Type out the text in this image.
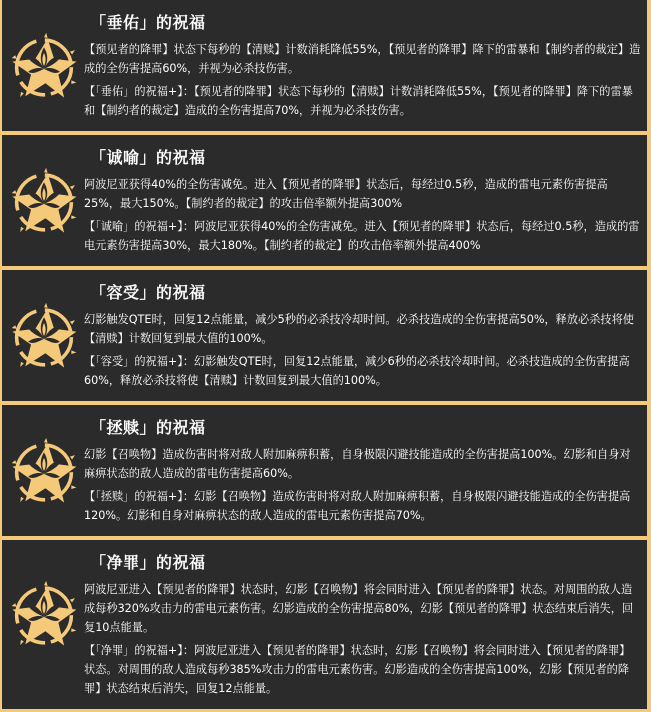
「垂佑」的祝福

【预见者的降罪】状态下每秒的【清赎】计数消耗降低55%，【预见者的降罪】降下的雷暴和【制约者的裁定】造成的全伤害提高60%，并视为必杀技伤害。

【「垂佑」的祝福+】：【预见者的降罪】状态下每秒的【清赎】计数消耗降低55%，【预见者的降罪】降下的雷暴和【制约者的裁定】造成的全伤害提高70%，并视为必杀技伤害。

「诚喻」的祝福

阿波尼亚获得40%的全伤害减免。进入【预见者的降罪】状态后，每经过0.5秒，造成的雷电元素伤害提高25%，最大150%。【制约者的裁定】的攻击倍率额外提高300%

【「诚喻」的祝福+】：阿波尼亚获得40%的全伤害减免。进入【预见者的降罪】状态后，每经过0.5秒，造成的雷电元素伤害提高30%，最大180%。【制约者的裁定】的攻击倍率额外提高400%

「容受」的祝福

幻影触发QTE时，回复12点能量，减少5秒的必杀技冷却时间。必杀技造成的全伤害提高50%，释放必杀技将使【清赎】计数回复到最大值的100%。

【「容受」的祝福+】：幻影触发QTE时，回复12点能量，减少6秒的必杀技冷却时间。必杀技造成的全伤害提高60%，释放必杀技将使【清赎】计数回复到最大值的100%。

「拯赎」的祝福

幻影【召唤物】造成伤害时将对敌人附加麻痹积蓄，自身极限闪避技能造成的全伤害提高100%。幻影和自身对麻痹状态的敌人造成的雷电伤害提高60%。

【「拯赎」的祝福+】：幻影【召唤物】造成伤害时将对敌人附加麻痹积蓄，自身极限闪避技能造成的全伤害提高120%。幻影和自身对麻痹状态的敌人造成的雷电元素伤害提高70%。

「净罪」的祝福

阿波尼亚进入【预见者的降罪】状态时，幻影【召唤物】将会同时进入【预见者的降罪】状态。对周围的敌人造成每秒320%攻击力的雷电元素伤害。幻影造成的全伤害提高80%，幻影【预见者的降罪】状态结束后消失，回复10点能量。

【「净罪」的祝福+】：阿波尼亚进入【预见者的降罪】状态时，幻影【召唤物】将会同时进入【预见者的降罪】状态。对周围的敌人造成每秒385%攻击力的雷电元素伤害。幻影造成的全伤害提高100%，幻影【预见者的降罪】状态结束后消失，回复12点能量。
